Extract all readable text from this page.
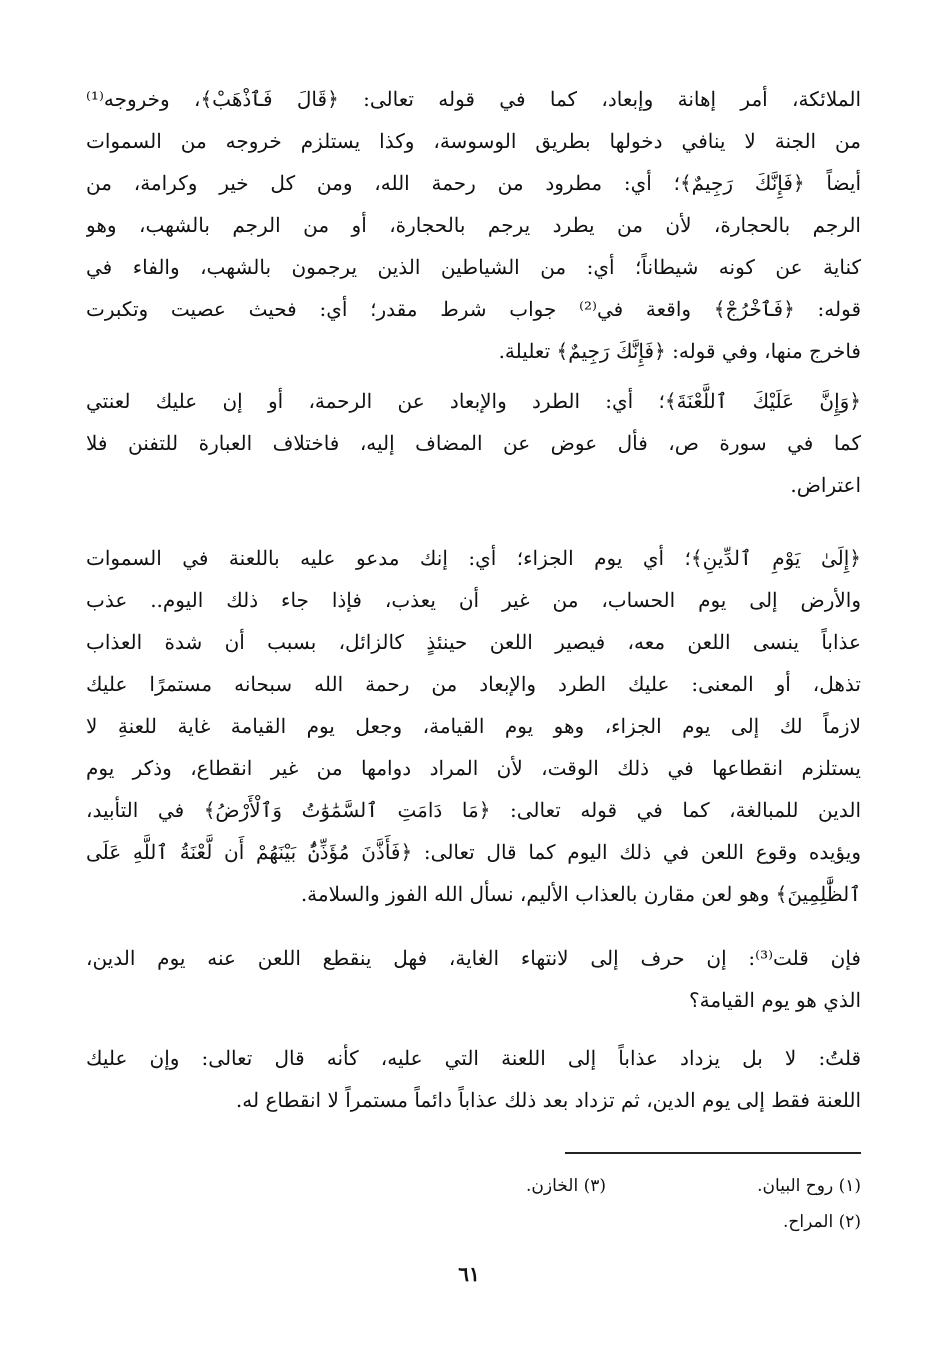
الملائكة، أمر إهانة وإبعاد، كما في قوله تعالى: ﴿قَالَ فَٱذْهَبْ﴾، وخروجه⁽¹⁾
من الجنة لا ينافي دخولها بطريق الوسوسة، وكذا يستلزم خروجه من السموات
أيضاً ﴿فَإِنَّكَ رَجِيمٌ﴾؛ أي: مطرود من رحمة الله، ومن كل خير وكرامة، من
الرجم بالحجارة، لأن من يطرد يرجم بالحجارة، أو من الرجم بالشهب، وهو
كناية عن كونه شيطاناً؛ أي: من الشياطين الذين يرجمون بالشهب، والفاء في
قوله: ﴿فَٱخْرُجْ﴾ واقعة في⁽²⁾ جواب شرط مقدر؛ أي: فحيث عصيت وتكبرت
فاخرج منها، وفي قوله: ﴿فَإِنَّكَ رَجِيمٌ﴾ تعليلة.
﴿وَإِنَّ عَلَيْكَ ٱللَّعْنَةَ﴾؛ أي: الطرد والإبعاد عن الرحمة، أو إن عليك لعنتي
كما في سورة ص، فأل عوض عن المضاف إليه، فاختلاف العبارة للتفنن فلا
اعتراض.
﴿إِلَىٰ يَوْمِ ٱلدِّينِ﴾؛ أي يوم الجزاء؛ أي: إنك مدعو عليه باللعنة في السموات
والأرض إلى يوم الحساب، من غير أن يعذب، فإذا جاء ذلك اليوم.. عذب
عذاباً ينسى اللعن معه، فيصير اللعن حينئذٍ كالزائل، بسبب أن شدة العذاب
تذهل، أو المعنى: عليك الطرد والإبعاد من رحمة الله سبحانه مستمرًا عليك
لازماً لك إلى يوم الجزاء، وهو يوم القيامة، وجعل يوم القيامة غاية للعنةِ لا
يستلزم انقطاعها في ذلك الوقت، لأن المراد دوامها من غير انقطاع، وذكر يوم
الدين للمبالغة، كما في قوله تعالى: ﴿مَا دَامَتِ ٱلسَّمَٰوَٰتُ وَٱلْأَرْضُ﴾ في التأبيد،
ويؤيده وقوع اللعن في ذلك اليوم كما قال تعالى: ﴿فَأَذَّنَ مُؤَذِّنٌۢ بَيْنَهُمْ أَن لَّعْنَةُ ٱللَّهِ عَلَى
ٱلظَّٰلِمِينَ﴾ وهو لعن مقارن بالعذاب الأليم، نسأل الله الفوز والسلامة.
فإن قلت⁽³⁾: إن حرف إلى لانتهاء الغاية، فهل ينقطع اللعن عنه يوم الدين،
الذي هو يوم القيامة؟
قلتُ: لا بل يزداد عذاباً إلى اللعنة التي عليه، كأنه قال تعالى: وإن عليك
اللعنة فقط إلى يوم الدين، ثم تزداد بعد ذلك عذاباً دائماً مستمراً لا انقطاع له.
(١) روح البيان.
(٣) الخازن.
(٢) المراح.
٦١
